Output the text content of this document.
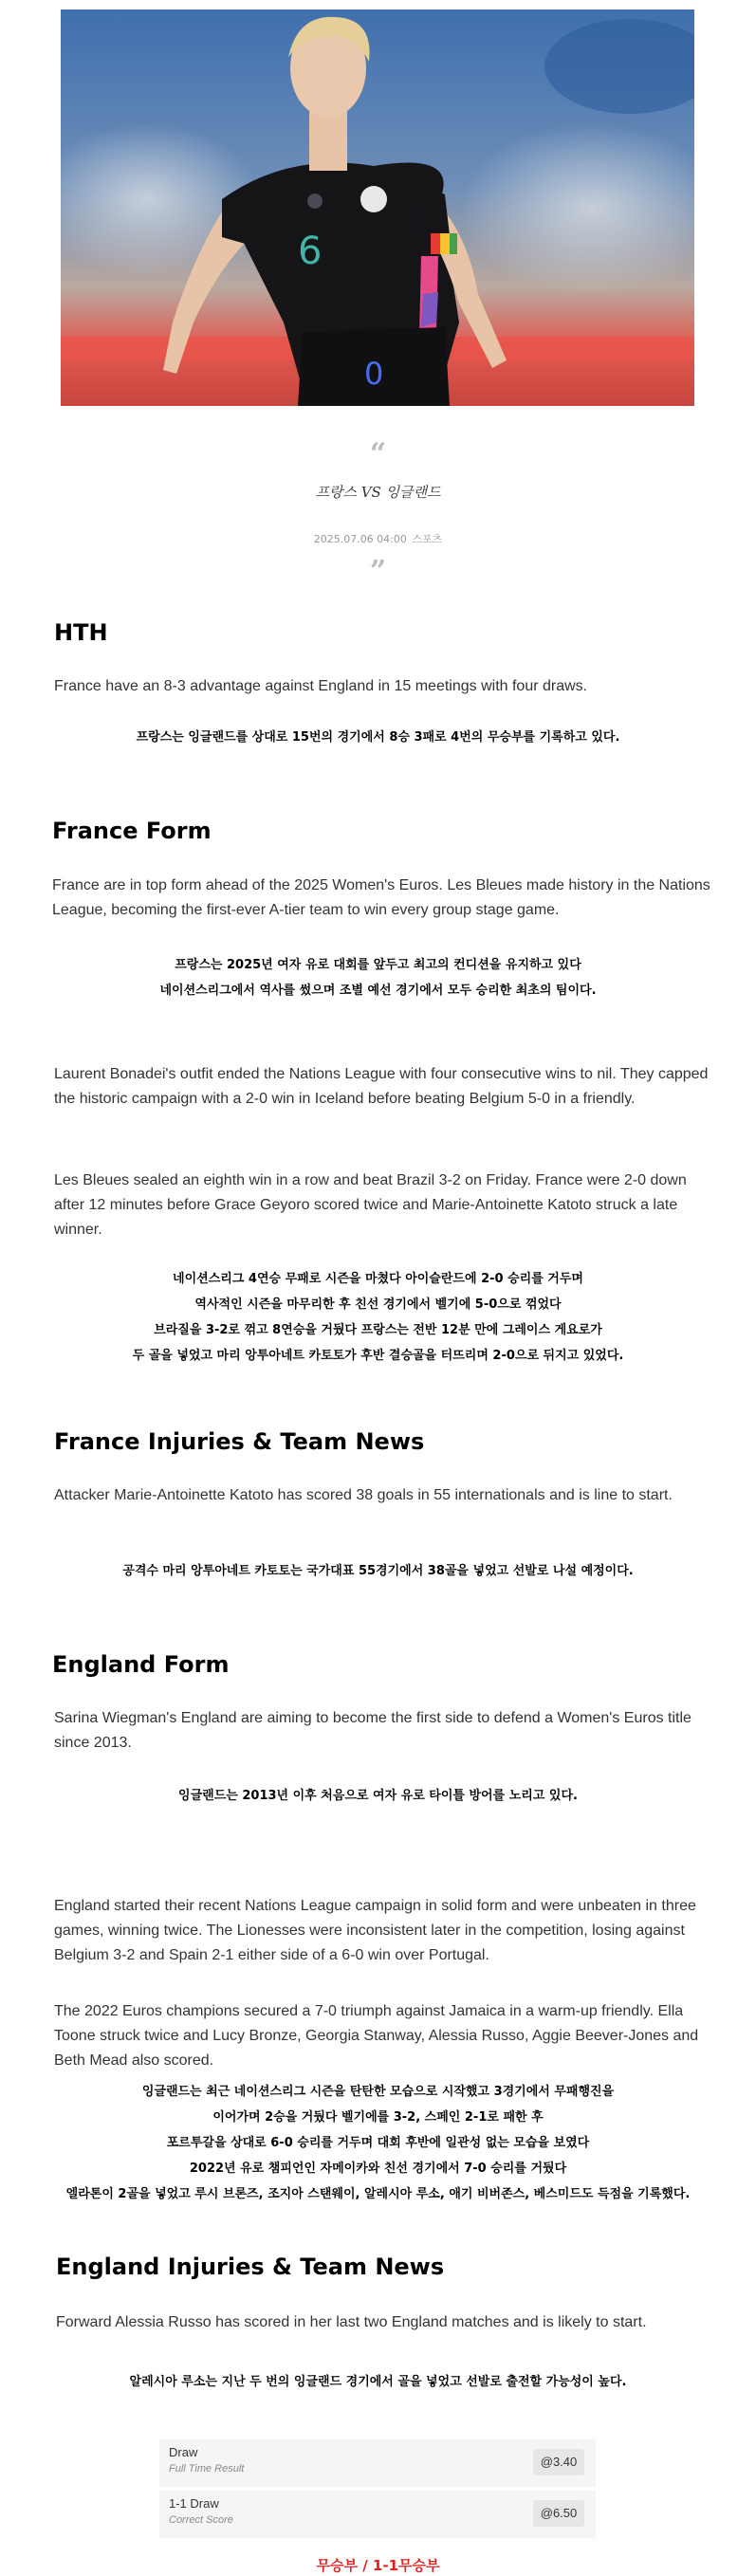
6
0
“
프랑스 VS 잉글랜드
2025.07.06 04:00 스포츠
”
HTH

France have an 8-3 advantage against England in 15 meetings with four draws.

프랑스는 잉글랜드를 상대로 15번의 경기에서 8승 3패로 4번의 무승부를 기록하고 있다.

France Form

France are in top form ahead of the 2025 Women's Euros. Les Bleues made history in the Nations League, becoming the first-ever A-tier team to win every group stage game.

프랑스는 2025년 여자 유로 대회를 앞두고 최고의 컨디션을 유지하고 있다

네이션스리그에서 역사를 썼으며 조별 예선 경기에서 모두 승리한 최초의 팀이다.

Laurent Bonadei's outfit ended the Nations League with four consecutive wins to nil. They capped the historic campaign with a 2-0 win in Iceland before beating Belgium 5-0 in a friendly.

Les Bleues sealed an eighth win in a row and beat Brazil 3-2 on Friday. France were 2-0 down after 12 minutes before Grace Geyoro scored twice and Marie-Antoinette Katoto struck a late winner.

네이션스리그 4연승 무패로 시즌을 마쳤다 아이슬란드에 2-0 승리를 거두며

역사적인 시즌을 마무리한 후 친선 경기에서 벨기에 5-0으로 꺾었다

브라질을 3-2로 꺾고 8연승을 거뒀다 프랑스는 전반 12분 만에 그레이스 게요로가

두 골을 넣었고 마리 앙투아네트 카토토가 후반 결승골을 터뜨리며 2-0으로 뒤지고 있었다.

France Injuries & Team News

Attacker Marie-Antoinette Katoto has scored 38 goals in 55 internationals and is line to start.

공격수 마리 앙투아네트 카토토는 국가대표 55경기에서 38골을 넣었고 선발로 나설 예정이다.

England Form

Sarina Wiegman's England are aiming to become the first side to defend a Women's Euros title since 2013.

잉글랜드는 2013년 이후 처음으로 여자 유로 타이틀 방어를 노리고 있다.

England started their recent Nations League campaign in solid form and were unbeaten in three games, winning twice. The Lionesses were inconsistent later in the competition, losing against Belgium 3-2 and Spain 2-1 either side of a 6-0 win over Portugal.

The 2022 Euros champions secured a 7-0 triumph against Jamaica in a warm-up friendly. Ella Toone struck twice and Lucy Bronze, Georgia Stanway, Alessia Russo, Aggie Beever-Jones and Beth Mead also scored.

잉글랜드는 최근 네이션스리그 시즌을 탄탄한 모습으로 시작했고 3경기에서 무패행진을

이어가며 2승을 거뒀다 벨기에를 3-2, 스페인 2-1로 패한 후

포르투갈을 상대로 6-0 승리를 거두며 대회 후반에 일관성 없는 모습을 보였다

2022년 유로 챔피언인 자메이카와 친선 경기에서 7-0 승리를 거뒀다

엘라톤이 2골을 넣었고 루시 브론즈, 조지아 스탠웨이, 알레시아 루소, 애기 비버존스, 베스미드도 득점을 기록했다.

England Injuries & Team News

Forward Alessia Russo has scored in her last two England matches and is likely to start.

알레시아 루소는 지난 두 번의 잉글랜드 경기에서 골을 넣었고 선발로 출전할 가능성이 높다.

Draw
Full Time Result	@3.40
1-1 Draw
Correct Score	@6.50
무승부 / 1-1무승부
